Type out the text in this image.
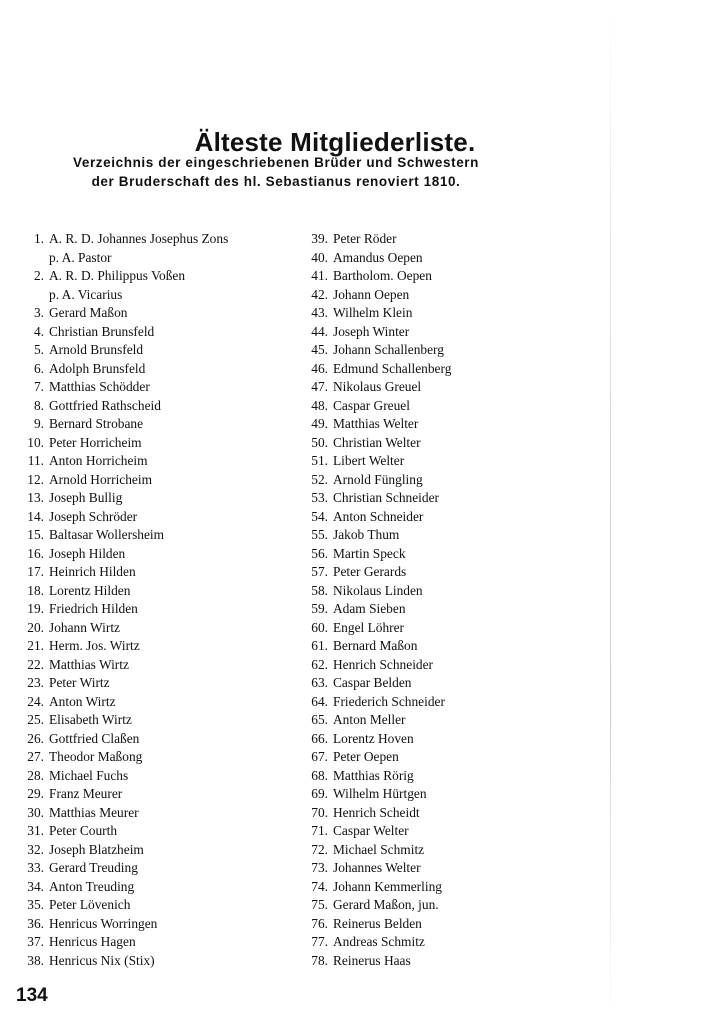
Älteste Mitgliederliste.
Verzeichnis der eingeschriebenen Brüder und Schwestern
der Bruderschaft des hl. Sebastianus renoviert 1810.
1. A. R. D. Johannes Josephus Zons
p. A. Pastor
2. A. R. D. Philippus Voßen
p. A. Vicarius
3. Gerard Maßon
4. Christian Brunsfeld
5. Arnold Brunsfeld
6. Adolph Brunsfeld
7. Matthias Schödder
8. Gottfried Rathscheid
9. Bernard Strobane
10. Peter Horricheim
11. Anton Horricheim
12. Arnold Horricheim
13. Joseph Bullig
14. Joseph Schröder
15. Baltasar Wollersheim
16. Joseph Hilden
17. Heinrich Hilden
18. Lorentz Hilden
19. Friedrich Hilden
20. Johann Wirtz
21. Herm. Jos. Wirtz
22. Matthias Wirtz
23. Peter Wirtz
24. Anton Wirtz
25. Elisabeth Wirtz
26. Gottfried Claßen
27. Theodor Maßong
28. Michael Fuchs
29. Franz Meurer
30. Matthias Meurer
31. Peter Courth
32. Joseph Blatzheim
33. Gerard Treuding
34. Anton Treuding
35. Peter Lövenich
36. Henricus Worringen
37. Henricus Hagen
38. Henricus Nix (Stix)
39. Peter Röder
40. Amandus Oepen
41. Bartholom. Oepen
42. Johann Oepen
43. Wilhelm Klein
44. Joseph Winter
45. Johann Schallenberg
46. Edmund Schallenberg
47. Nikolaus Greuel
48. Caspar Greuel
49. Matthias Welter
50. Christian Welter
51. Libert Welter
52. Arnold Füngling
53. Christian Schneider
54. Anton Schneider
55. Jakob Thum
56. Martin Speck
57. Peter Gerards
58. Nikolaus Linden
59. Adam Sieben
60. Engel Löhrer
61. Bernard Maßon
62. Henrich Schneider
63. Caspar Belden
64. Friederich Schneider
65. Anton Meller
66. Lorentz Hoven
67. Peter Oepen
68. Matthias Rörig
69. Wilhelm Hürtgen
70. Henrich Scheidt
71. Caspar Welter
72. Michael Schmitz
73. Johannes Welter
74. Johann Kemmerling
75. Gerard Maßon, jun.
76. Reinerus Belden
77. Andreas Schmitz
78. Reinerus Haas
134
